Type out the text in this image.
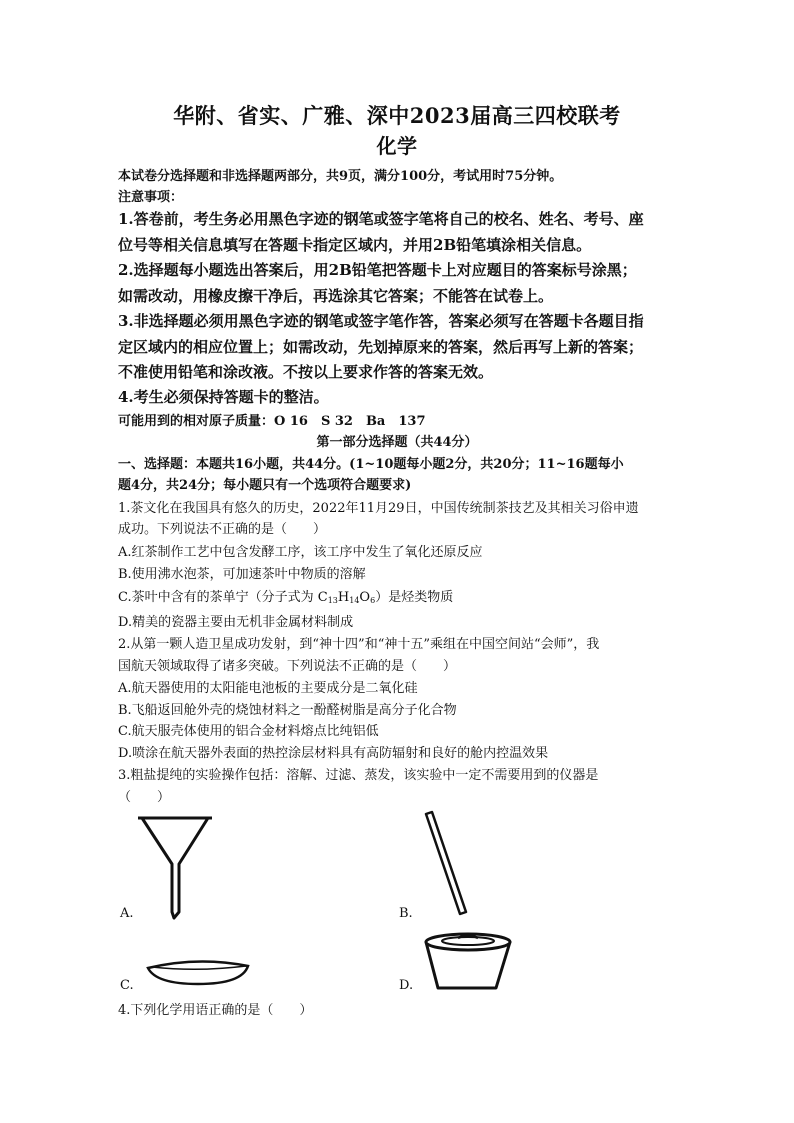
华附、省实、广雅、深中2023届高三四校联考
化学
本试卷分选择题和非选择题两部分，共9页，满分100分，考试用时75分钟。
注意事项：
1.答卷前，考生务必用黑色字迹的钢笔或签字笔将自己的校名、姓名、考号、座
位号等相关信息填写在答题卡指定区域内，并用2B铅笔填涂相关信息。
2.选择题每小题选出答案后，用2B铅笔把答题卡上对应题目的答案标号涂黑；
如需改动，用橡皮擦干净后，再选涂其它答案；不能答在试卷上。
3.非选择题必须用黑色字迹的钢笔或签字笔作答，答案必须写在答题卡各题目指
定区域内的相应位置上；如需改动，先划掉原来的答案，然后再写上新的答案；
不准使用铅笔和涂改液。不按以上要求作答的答案无效。
4.考生必须保持答题卡的整洁。
可能用到的相对原子质量：O 16　S 32　Ba　137
第一部分选择题（共44分）
一、选择题：本题共16小题，共44分。(1~10题每小题2分，共20分；11~16题每小
题4分，共24分；每小题只有一个选项符合题要求)
1.茶文化在我国具有悠久的历史，2022年11月29日，中国传统制茶技艺及其相关习俗申遗
成功。下列说法不正确的是（　　）
A.红茶制作工艺中包含发酵工序，该工序中发生了氧化还原反应
B.使用沸水泡茶，可加速茶叶中物质的溶解
C.茶叶中含有的茶单宁（分子式为 $C_{13}H_{14}O_6$）是烃类物质
D.精美的瓷器主要由无机非金属材料制成
2.从第一颗人造卫星成功发射，到“神十四”和“神十五”乘组在中国空间站“会师”，我
国航天领域取得了诸多突破。下列说法不正确的是（　　）
A.航天器使用的太阳能电池板的主要成分是二氧化硅
B.飞船返回舱外壳的烧蚀材料之一酚醛树脂是高分子化合物
C.航天服壳体使用的铝合金材料熔点比纯铝低
D.喷涂在航天器外表面的热控涂层材料具有高防辐射和良好的舱内控温效果
3.粗盐提纯的实验操作包括：溶解、过滤、蒸发，该实验中一定不需要用到的仪器是
（　　）
A.	B.
C.	D.
4.下列化学用语正确的是（　　）
